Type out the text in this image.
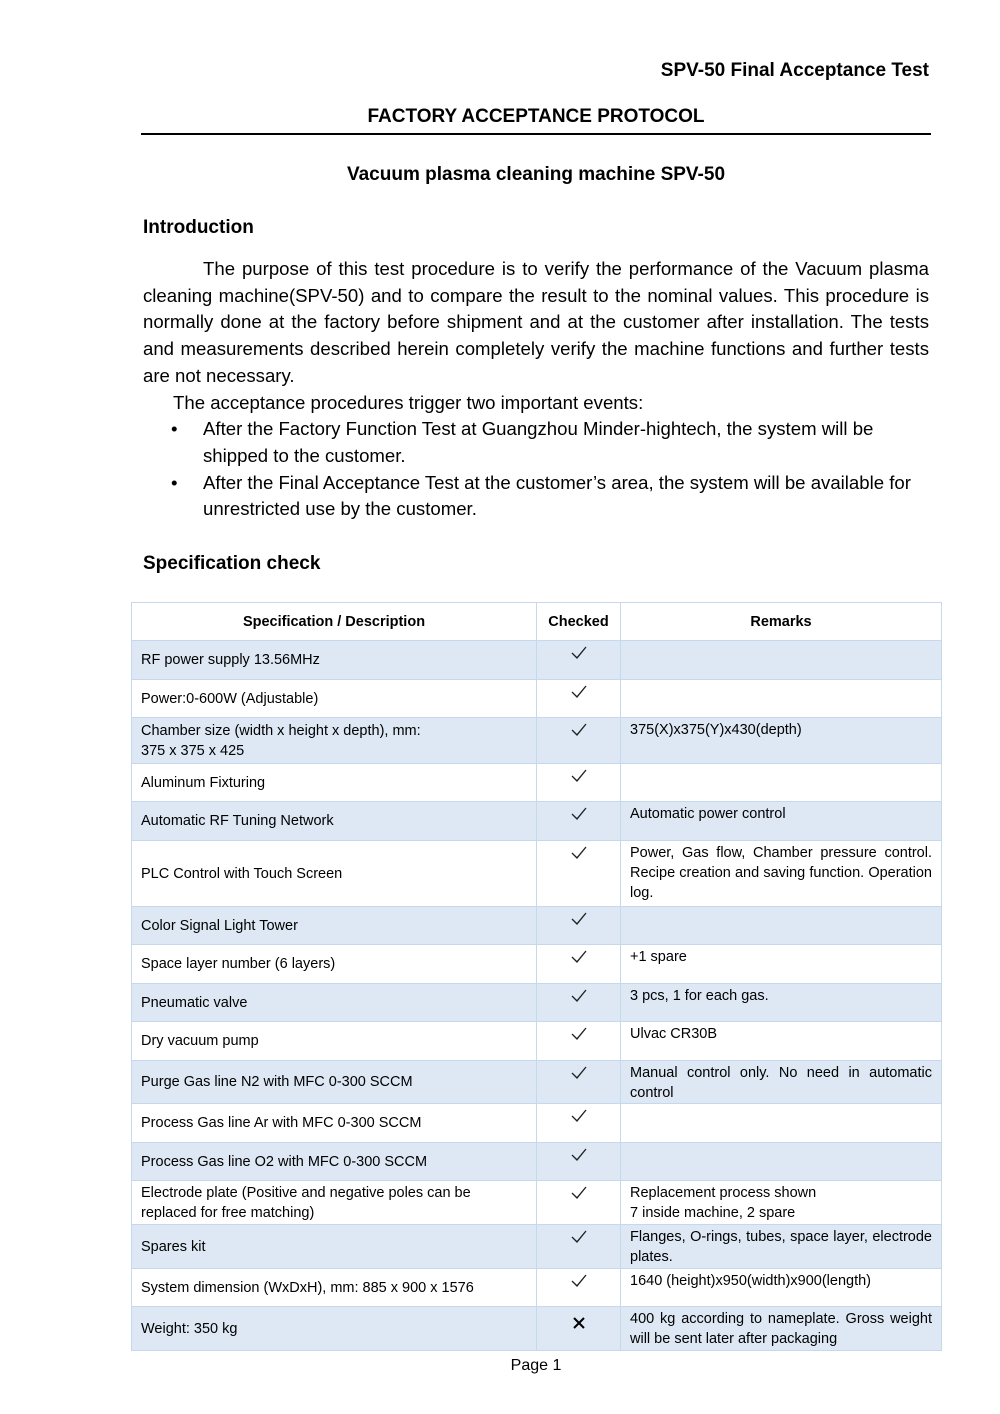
SPV-50 Final Acceptance Test
FACTORY ACCEPTANCE PROTOCOL
Vacuum plasma cleaning machine SPV-50
Introduction

The purpose of this test procedure is to verify the performance of the Vacuum plasma cleaning machine(SPV-50) and to compare the result to the nominal values. This procedure is normally done at the factory before shipment and at the customer after installation. The tests and measurements described herein completely verify the machine functions and further tests are not necessary.

The acceptance procedures trigger two important events:

• After the Factory Function Test at Guangzhou Minder-hightech, the system will be shipped to the customer.
• After the Final Acceptance Test at the customer’s area, the system will be available for unrestricted use by the customer.
Specification check
Specification / Description	Checked	Remarks
RF power supply 13.56MHz		
Power:0-600W (Adjustable)		
Chamber size (width x height x depth), mm:
375 x 375 x 425		375(X)x375(Y)x430(depth)
Aluminum Fixturing		
Automatic RF Tuning Network		Automatic power control
PLC Control with Touch Screen		Power, Gas flow, Chamber pressure control. Recipe creation and saving function. Operation log.
Color Signal Light Tower		
Space layer number (6 layers)		+1 spare
Pneumatic valve		3 pcs, 1 for each gas.
Dry vacuum pump		Ulvac CR30B
Purge Gas line N2 with MFC 0-300 SCCM		Manual control only. No need in automatic control
Process Gas line Ar with MFC 0-300 SCCM		
Process Gas line O2 with MFC 0-300 SCCM		
Electrode plate (Positive and negative poles can be replaced for free matching)		Replacement process shown
7 inside machine, 2 spare
Spares kit		Flanges, O-rings, tubes, space layer, electrode plates.
System dimension (WxDxH), mm: 885 x 900 x 1576		1640 (height)x950(width)x900(length)
Weight: 350 kg		400 kg according to nameplate. Gross weight will be sent later after packaging
Page 1
